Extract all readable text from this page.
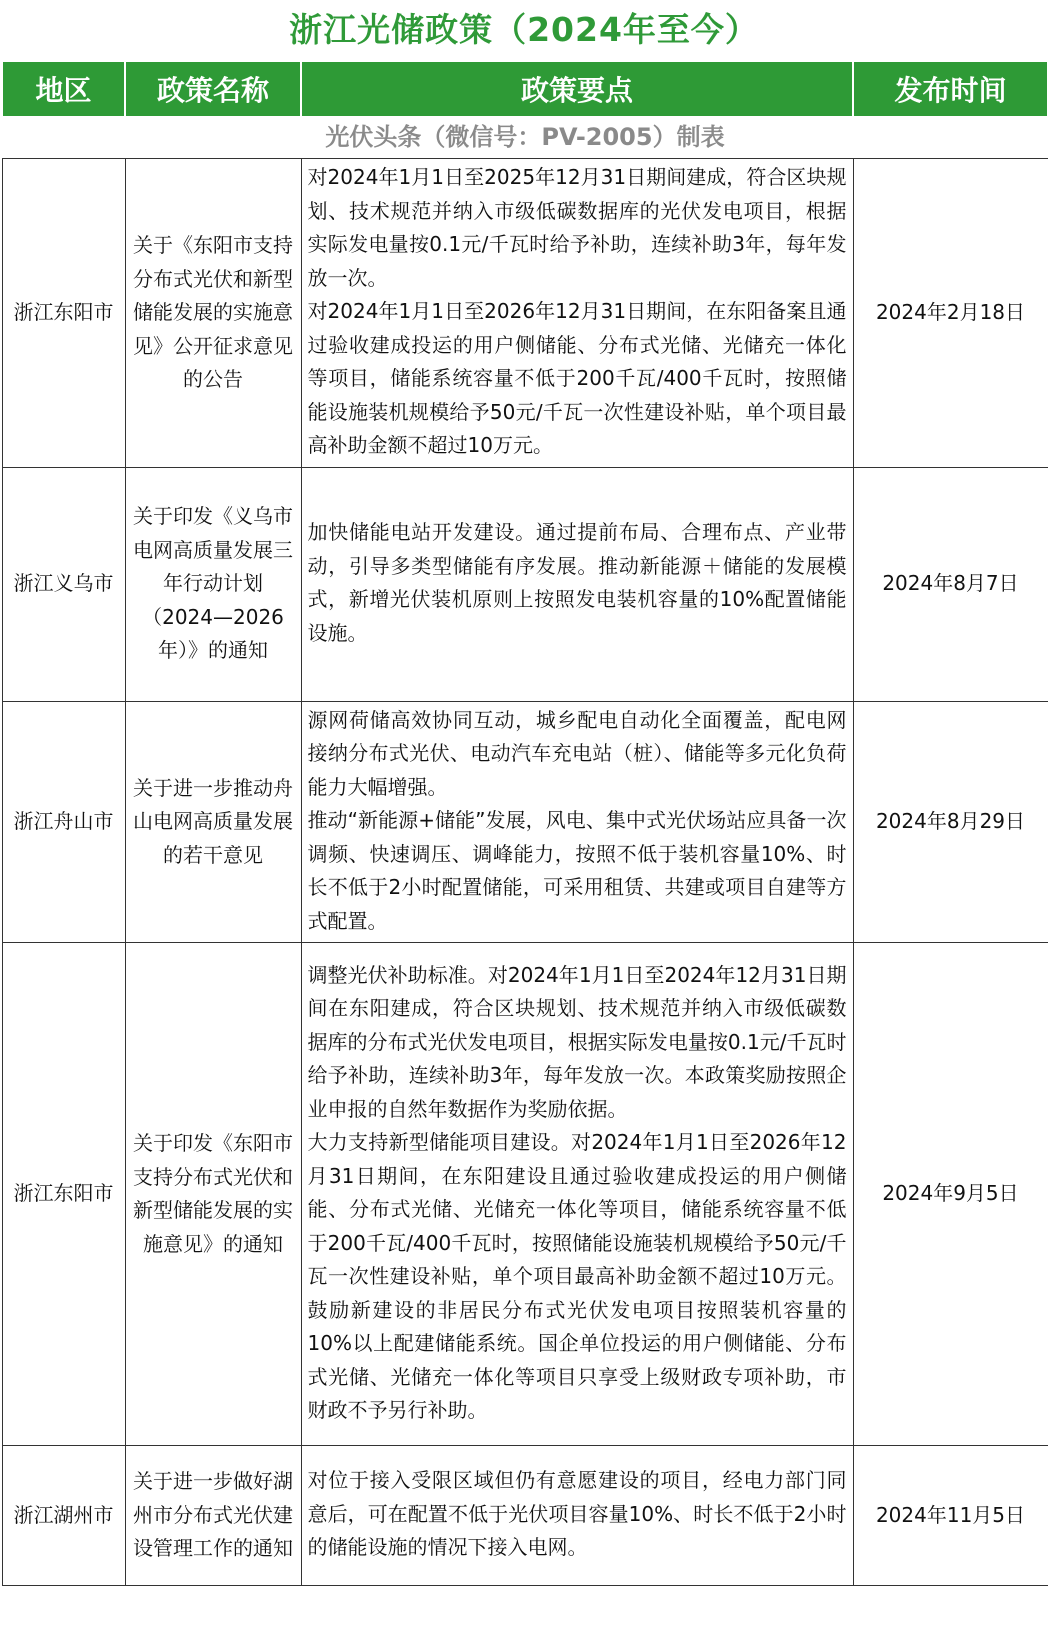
浙江光储政策（2024年至今）
地区	政策名称	政策要点	发布时间
光伏头条（微信号：PV-2005）制表			
浙江东阳市	关于《东阳市支持分布式光伏和新型储能发展的实施意见》公开征求意见的公告	对2024年1月1日至2025年12月31日期间建成，符合区块规划、技术规范并纳入市级低碳数据库的光伏发电项目，根据实际发电量按0.1元/千瓦时给予补助，连续补助3年，每年发放一次。
对2024年1月1日至2026年12月31日期间，在东阳备案且通过验收建成投运的用户侧储能、分布式光储、光储充一体化等项目，储能系统容量不低于200千瓦/400千瓦时，按照储能设施装机规模给予50元/千瓦一次性建设补贴，单个项目最高补助金额不超过10万元。	2024年2月18日
浙江义乌市	关于印发《义乌市电网高质量发展三年行动计划（2024—2026年）》的通知	加快储能电站开发建设。通过提前布局、合理布点、产业带动，引导多类型储能有序发展。推动新能源＋储能的发展模式，新增光伏装机原则上按照发电装机容量的10%配置储能设施。	2024年8月7日
浙江舟山市	关于进一步推动舟山电网高质量发展的若干意见	源网荷储高效协同互动，城乡配电自动化全面覆盖，配电网接纳分布式光伏、电动汽车充电站（桩）、储能等多元化负荷能力大幅增强。
推动“新能源+储能”发展，风电、集中式光伏场站应具备一次调频、快速调压、调峰能力，按照不低于装机容量10%、时长不低于2小时配置储能，可采用租赁、共建或项目自建等方式配置。	2024年8月29日
浙江东阳市	关于印发《东阳市支持分布式光伏和新型储能发展的实施意见》的通知	调整光伏补助标准。对2024年1月1日至2024年12月31日期间在东阳建成，符合区块规划、技术规范并纳入市级低碳数据库的分布式光伏发电项目，根据实际发电量按0.1元/千瓦时给予补助，连续补助3年，每年发放一次。本政策奖励按照企业申报的自然年数据作为奖励依据。
大力支持新型储能项目建设。对2024年1月1日至2026年12月31日期间，在东阳建设且通过验收建成投运的用户侧储能、分布式光储、光储充一体化等项目，储能系统容量不低于200千瓦/400千瓦时，按照储能设施装机规模给予50元/千瓦一次性建设补贴，单个项目最高补助金额不超过10万元。鼓励新建设的非居民分布式光伏发电项目按照装机容量的10%以上配建储能系统。国企单位投运的用户侧储能、分布式光储、光储充一体化等项目只享受上级财政专项补助，市财政不予另行补助。	2024年9月5日
浙江湖州市	关于进一步做好湖州市分布式光伏建设管理工作的通知	对位于接入受限区域但仍有意愿建设的项目，经电力部门同意后，可在配置不低于光伏项目容量10%、时长不低于2小时的储能设施的情况下接入电网。	2024年11月5日
